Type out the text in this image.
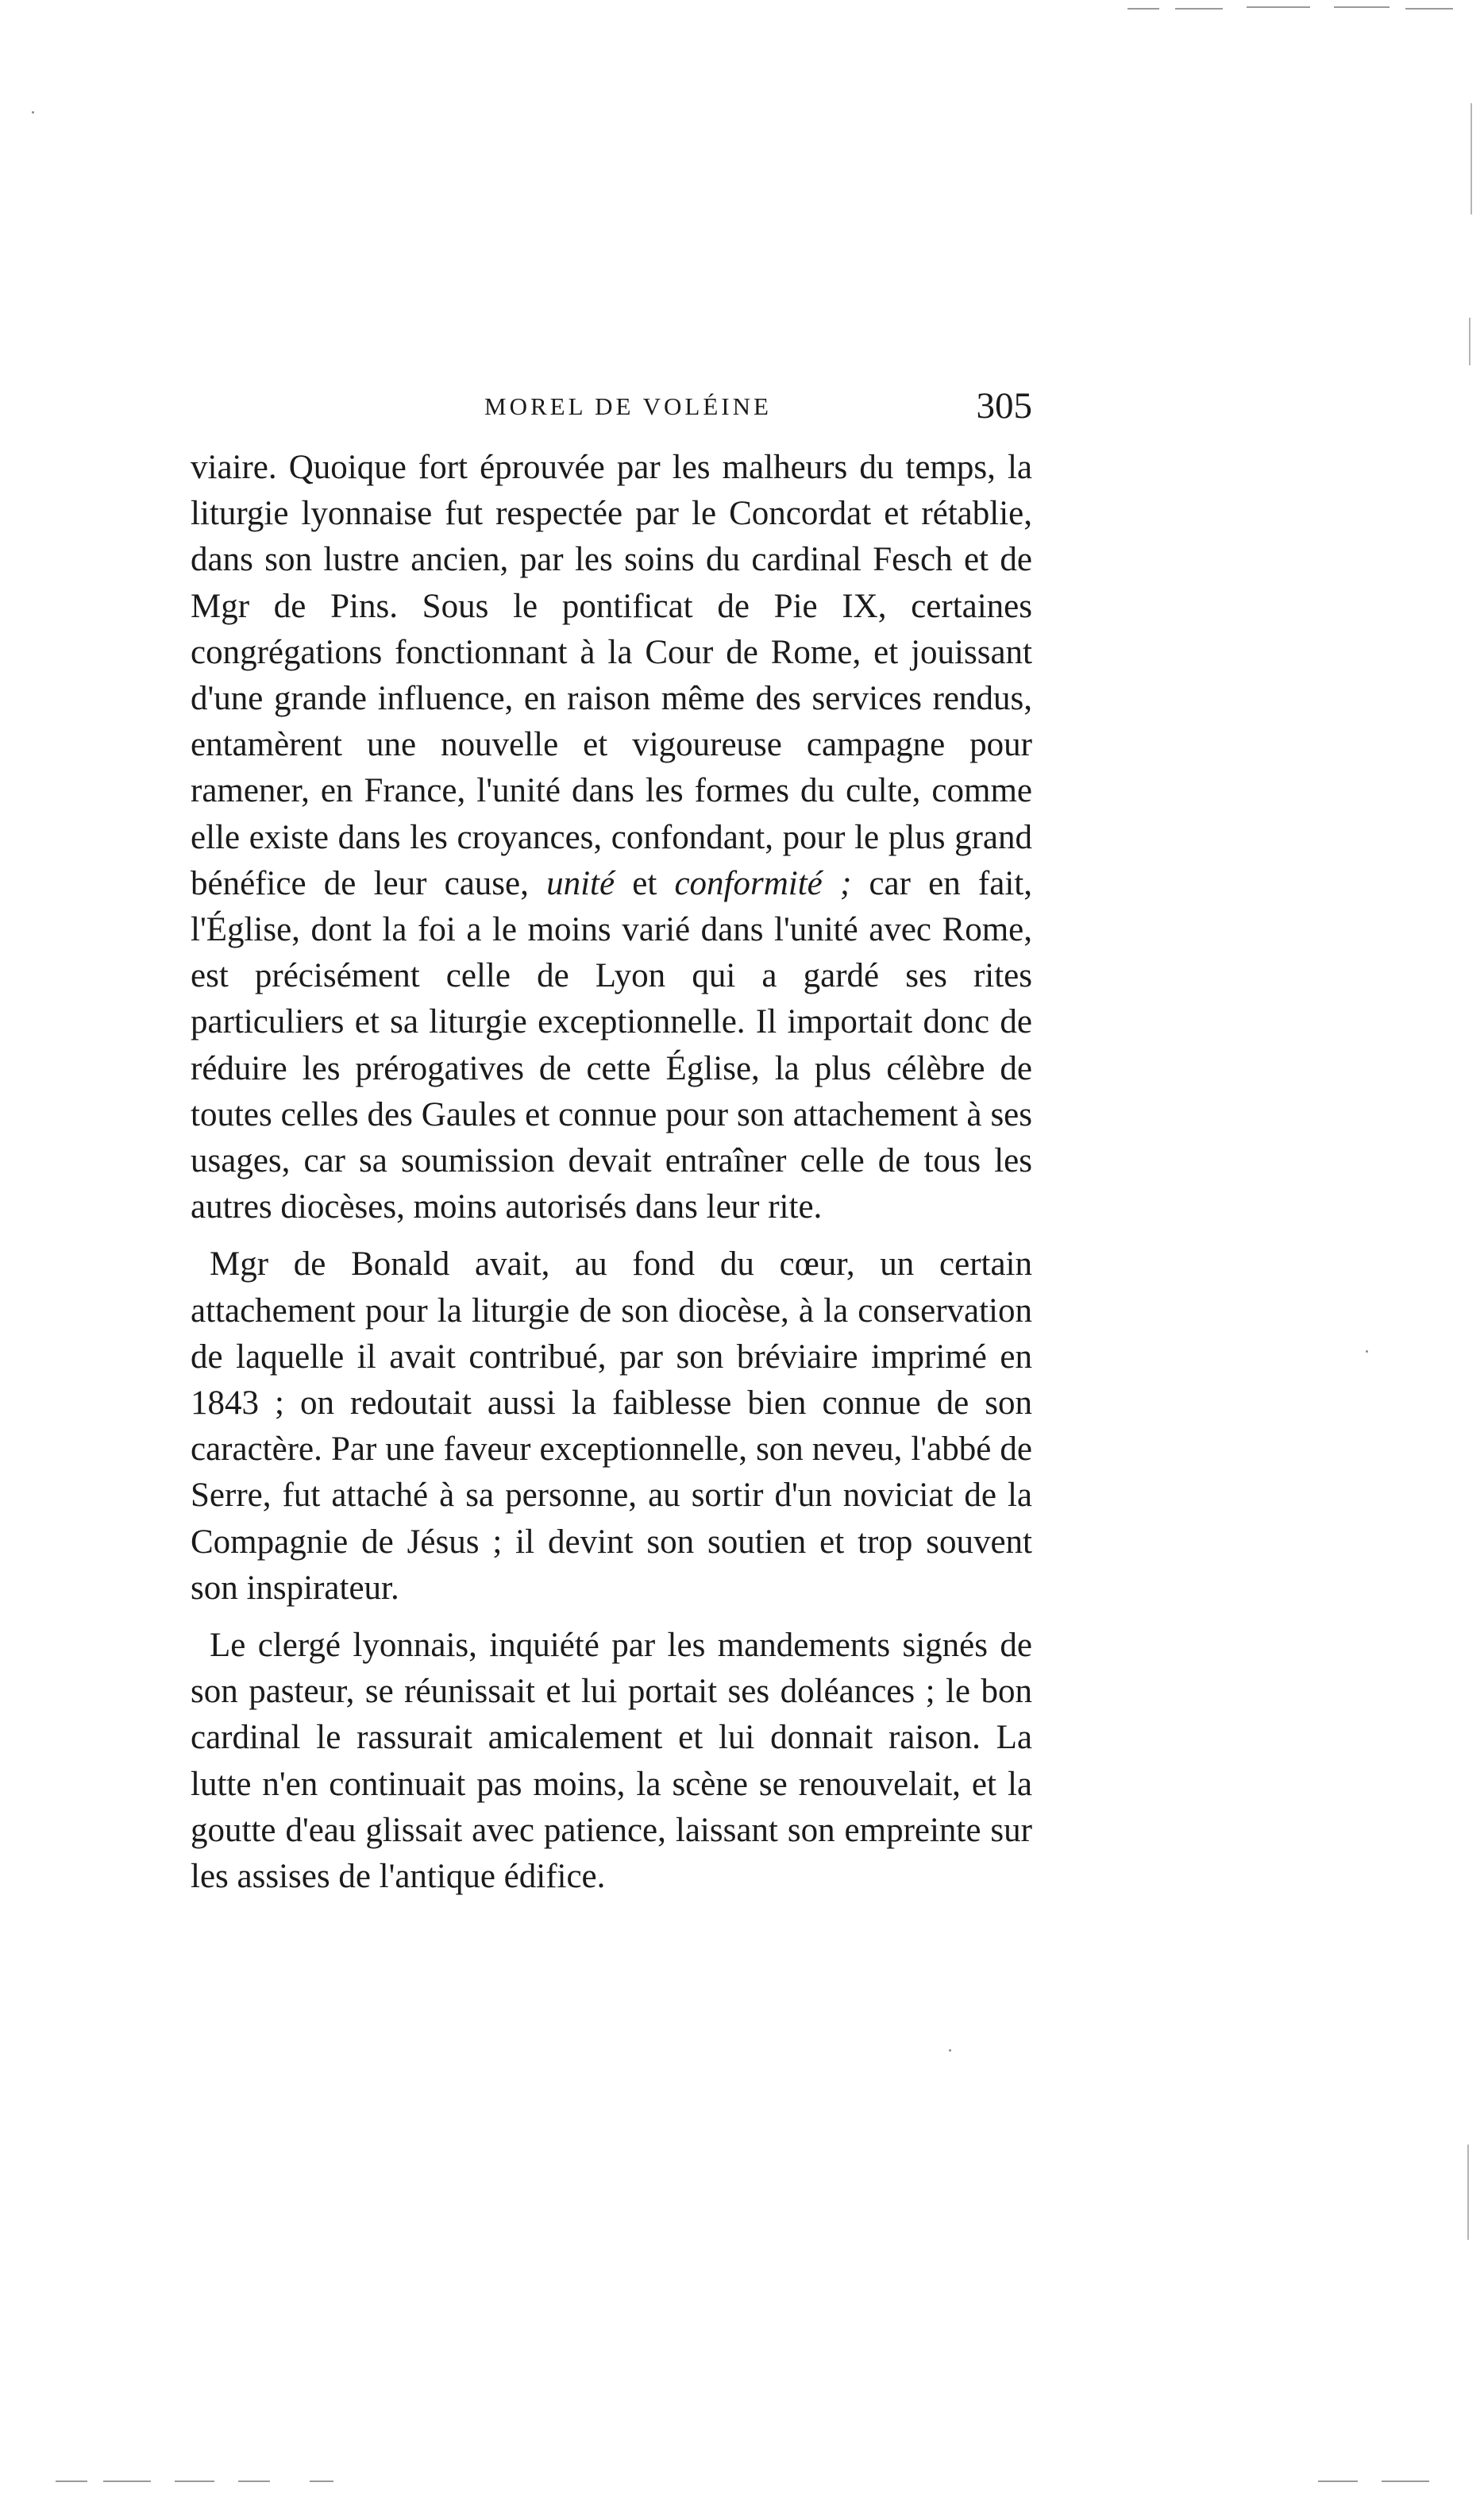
MOREL DE VOLÉINE	305

viaire. Quoique fort éprouvée par les malheurs du temps, la liturgie lyonnaise fut respectée par le Concordat et rétablie, dans son lustre ancien, par les soins du cardinal Fesch et de Mgr de Pins. Sous le pontificat de Pie IX, certaines congrégations fonctionnant à la Cour de Rome, et jouissant d'une grande influence, en raison même des services rendus, entamèrent une nouvelle et vigoureuse campagne pour ramener, en France, l'unité dans les formes du culte, comme elle existe dans les croyances, confondant, pour le plus grand bénéfice de leur cause, unité et conformité ; car en fait, l'Église, dont la foi a le moins varié dans l'unité avec Rome, est précisément celle de Lyon qui a gardé ses rites particuliers et sa liturgie exceptionnelle. Il importait donc de réduire les prérogatives de cette Église, la plus célèbre de toutes celles des Gaules et connue pour son attachement à ses usages, car sa soumission devait entraîner celle de tous les autres diocèses, moins autorisés dans leur rite.

Mgr de Bonald avait, au fond du cœur, un certain attachement pour la liturgie de son diocèse, à la conservation de laquelle il avait contribué, par son bréviaire imprimé en 1843 ; on redoutait aussi la faiblesse bien connue de son caractère. Par une faveur exceptionnelle, son neveu, l'abbé de Serre, fut attaché à sa personne, au sortir d'un noviciat de la Compagnie de Jésus ; il devint son soutien et trop souvent son inspirateur.

Le clergé lyonnais, inquiété par les mandements signés de son pasteur, se réunissait et lui portait ses doléances ; le bon cardinal le rassurait amicalement et lui donnait raison. La lutte n'en continuait pas moins, la scène se renouvelait, et la goutte d'eau glissait avec patience, laissant son empreinte sur les assises de l'antique édifice.
